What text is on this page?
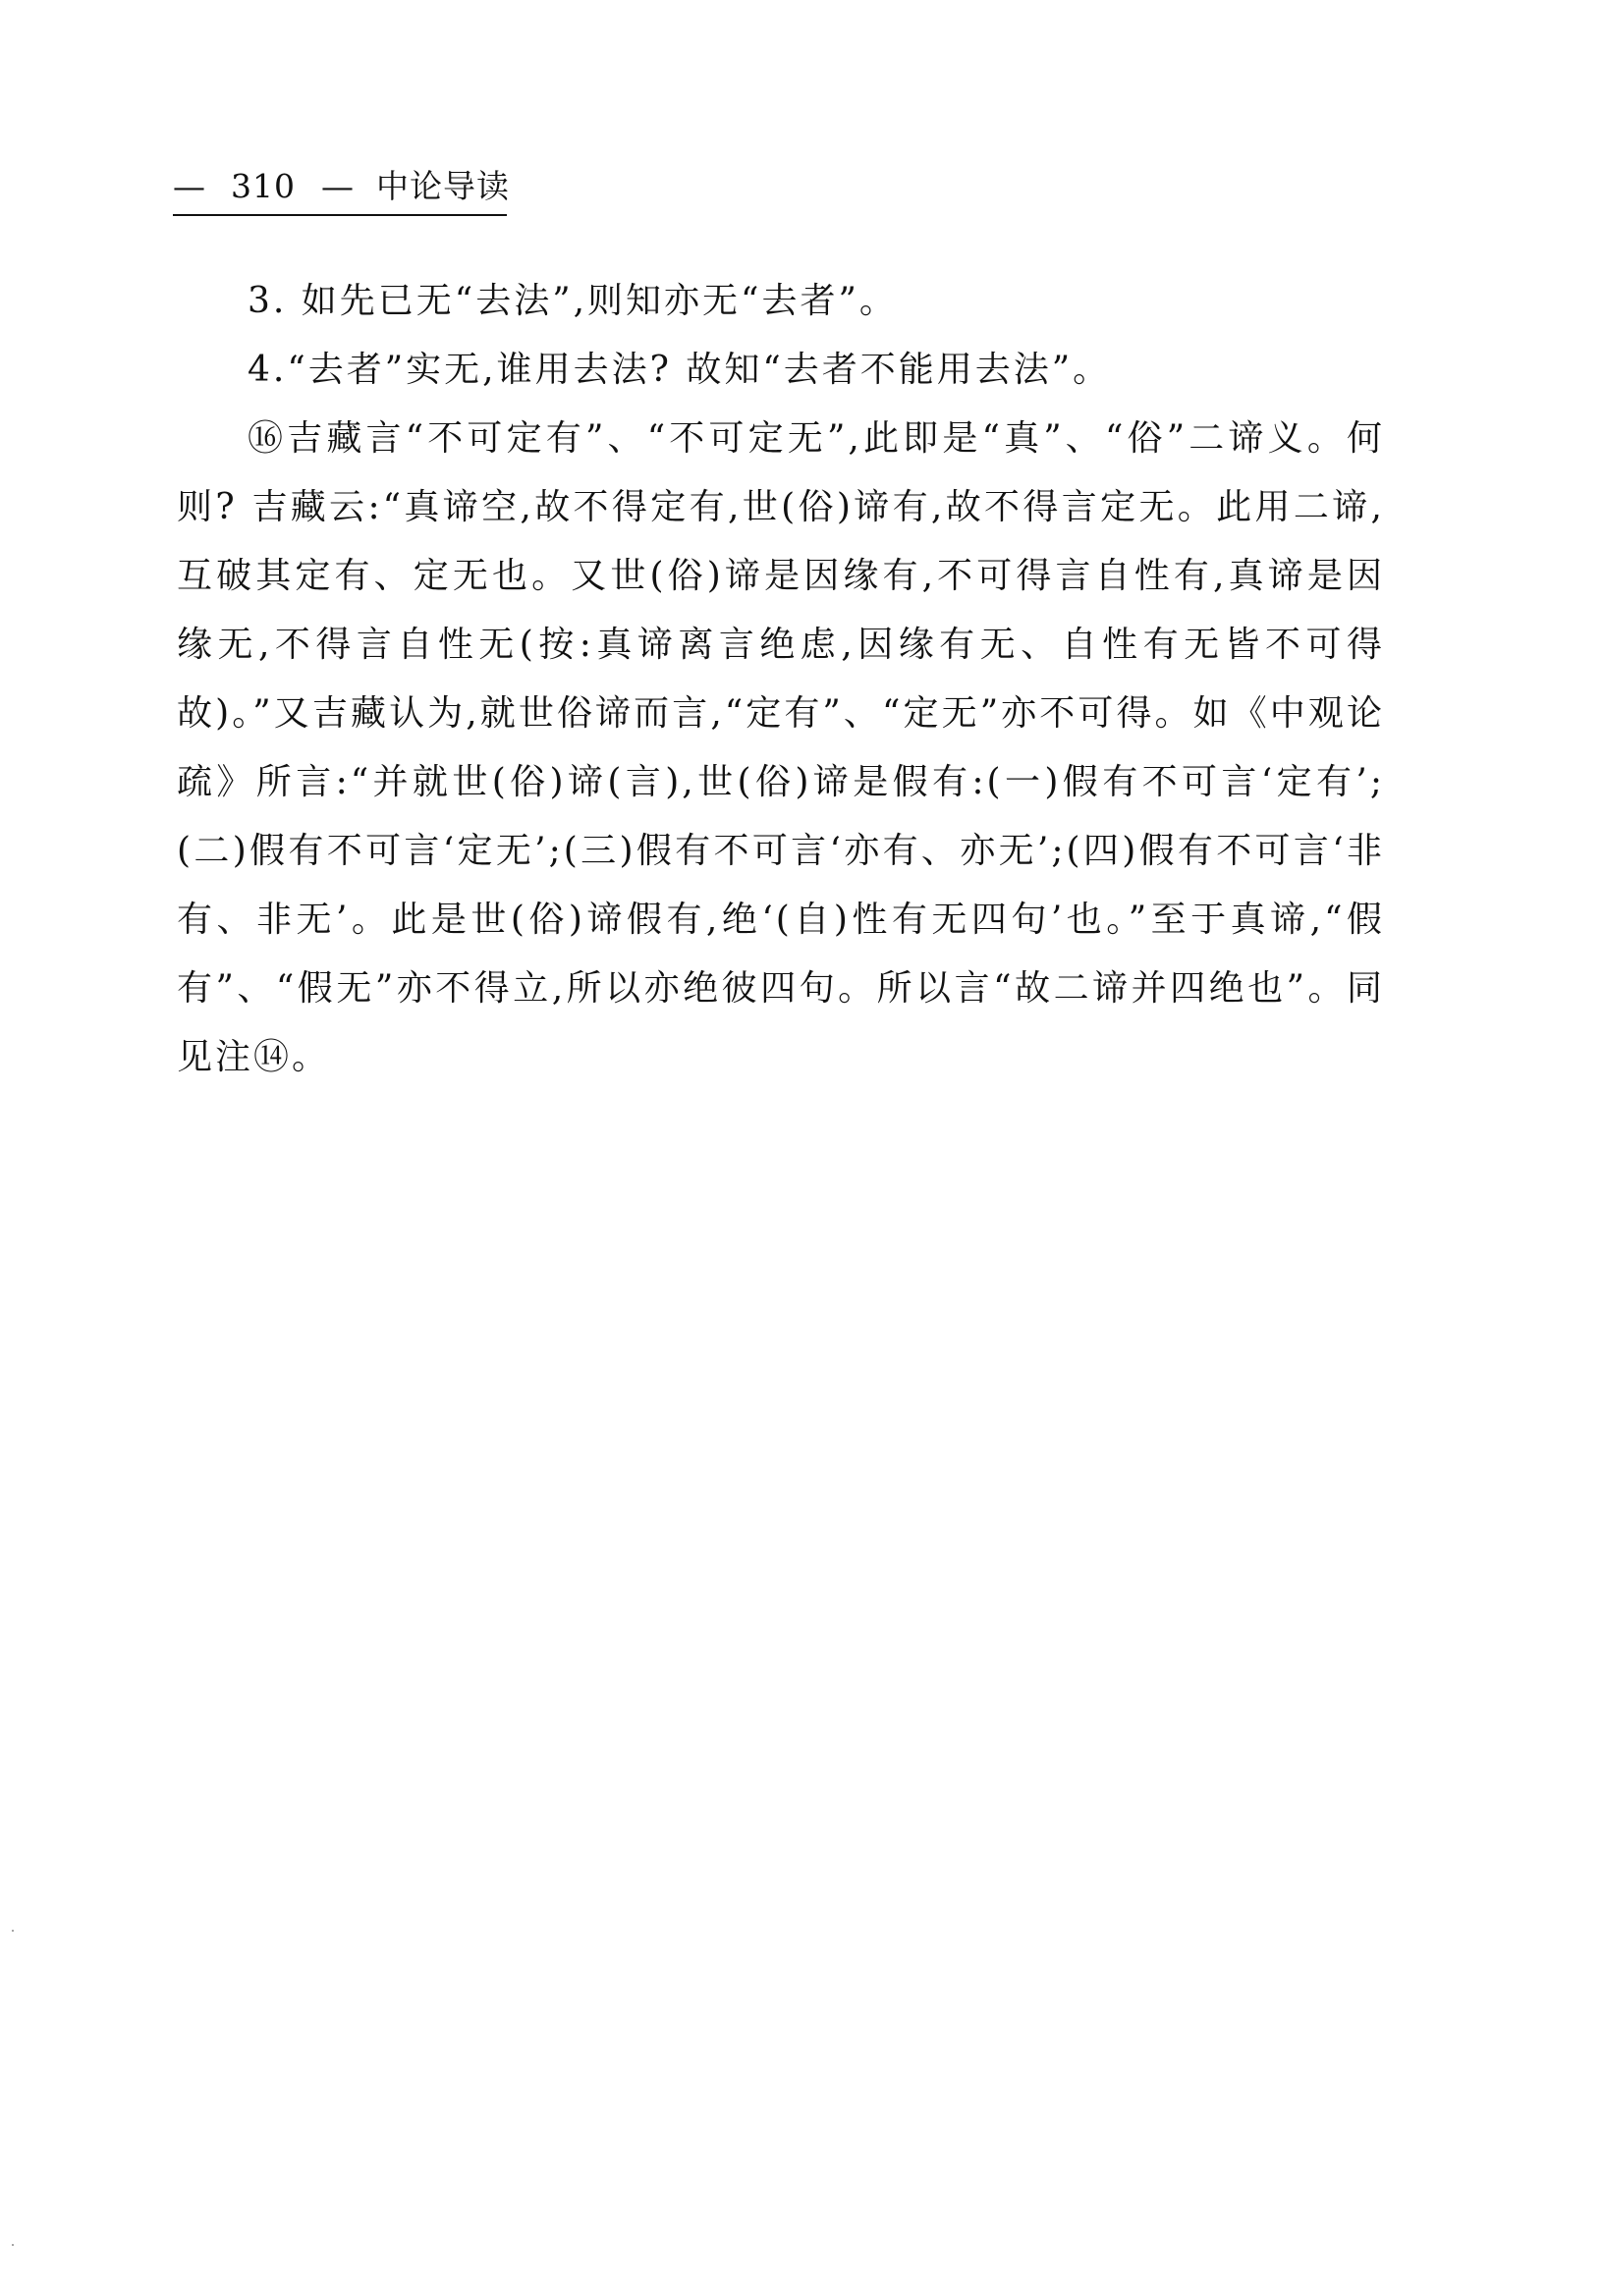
— 310 — 中论导读

3. 如先已无“去法”,则知亦无“去者”。

4.“去者”实无,谁用去法? 故知“去者不能用去法”。

⑯吉藏言“不可定有”、“不可定无”,此即是“真”、“俗”二谛义。何则? 吉藏云:“真谛空,故不得定有,世(俗)谛有,故不得言定无。此用二谛,互破其定有、定无也。又世(俗)谛是因缘有,不可得言自性有,真谛是因缘无,不得言自性无(按:真谛离言绝虑,因缘有无、自性有无皆不可得故)。”又吉藏认为,就世俗谛而言,“定有”、“定无”亦不可得。如《中观论疏》所言:“并就世(俗)谛(言),世(俗)谛是假有:(一)假有不可言‘定有’;(二)假有不可言‘定无’;(三)假有不可言‘亦有、亦无’;(四)假有不可言‘非有、非无’。此是世(俗)谛假有,绝‘(自)性有无四句’也。”至于真谛,“假有”、“假无”亦不得立,所以亦绝彼四句。所以言“故二谛并四绝也”。同见注⑭。
